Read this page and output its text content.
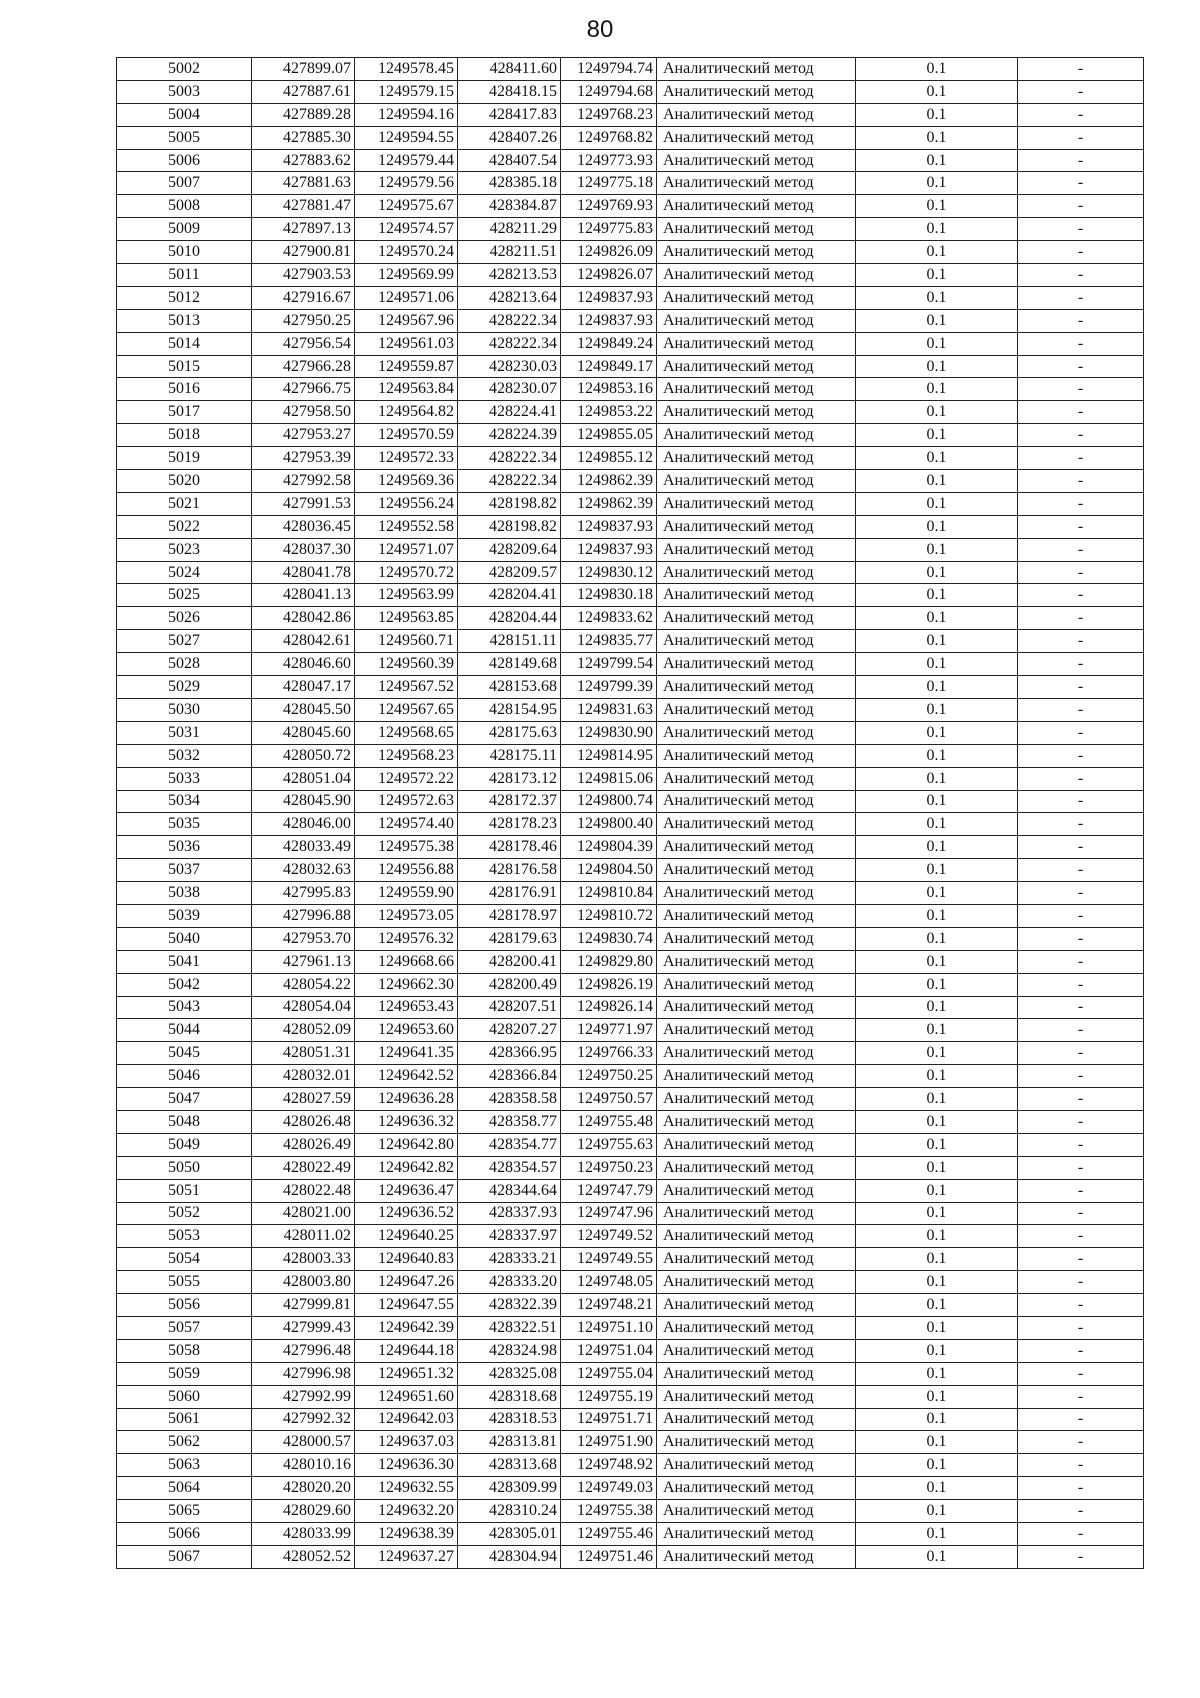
80
5002	427899.07	1249578.45	428411.60	1249794.74	Аналитический метод	0.1	-
5003	427887.61	1249579.15	428418.15	1249794.68	Аналитический метод	0.1	-
5004	427889.28	1249594.16	428417.83	1249768.23	Аналитический метод	0.1	-
5005	427885.30	1249594.55	428407.26	1249768.82	Аналитический метод	0.1	-
5006	427883.62	1249579.44	428407.54	1249773.93	Аналитический метод	0.1	-
5007	427881.63	1249579.56	428385.18	1249775.18	Аналитический метод	0.1	-
5008	427881.47	1249575.67	428384.87	1249769.93	Аналитический метод	0.1	-
5009	427897.13	1249574.57	428211.29	1249775.83	Аналитический метод	0.1	-
5010	427900.81	1249570.24	428211.51	1249826.09	Аналитический метод	0.1	-
5011	427903.53	1249569.99	428213.53	1249826.07	Аналитический метод	0.1	-
5012	427916.67	1249571.06	428213.64	1249837.93	Аналитический метод	0.1	-
5013	427950.25	1249567.96	428222.34	1249837.93	Аналитический метод	0.1	-
5014	427956.54	1249561.03	428222.34	1249849.24	Аналитический метод	0.1	-
5015	427966.28	1249559.87	428230.03	1249849.17	Аналитический метод	0.1	-
5016	427966.75	1249563.84	428230.07	1249853.16	Аналитический метод	0.1	-
5017	427958.50	1249564.82	428224.41	1249853.22	Аналитический метод	0.1	-
5018	427953.27	1249570.59	428224.39	1249855.05	Аналитический метод	0.1	-
5019	427953.39	1249572.33	428222.34	1249855.12	Аналитический метод	0.1	-
5020	427992.58	1249569.36	428222.34	1249862.39	Аналитический метод	0.1	-
5021	427991.53	1249556.24	428198.82	1249862.39	Аналитический метод	0.1	-
5022	428036.45	1249552.58	428198.82	1249837.93	Аналитический метод	0.1	-
5023	428037.30	1249571.07	428209.64	1249837.93	Аналитический метод	0.1	-
5024	428041.78	1249570.72	428209.57	1249830.12	Аналитический метод	0.1	-
5025	428041.13	1249563.99	428204.41	1249830.18	Аналитический метод	0.1	-
5026	428042.86	1249563.85	428204.44	1249833.62	Аналитический метод	0.1	-
5027	428042.61	1249560.71	428151.11	1249835.77	Аналитический метод	0.1	-
5028	428046.60	1249560.39	428149.68	1249799.54	Аналитический метод	0.1	-
5029	428047.17	1249567.52	428153.68	1249799.39	Аналитический метод	0.1	-
5030	428045.50	1249567.65	428154.95	1249831.63	Аналитический метод	0.1	-
5031	428045.60	1249568.65	428175.63	1249830.90	Аналитический метод	0.1	-
5032	428050.72	1249568.23	428175.11	1249814.95	Аналитический метод	0.1	-
5033	428051.04	1249572.22	428173.12	1249815.06	Аналитический метод	0.1	-
5034	428045.90	1249572.63	428172.37	1249800.74	Аналитический метод	0.1	-
5035	428046.00	1249574.40	428178.23	1249800.40	Аналитический метод	0.1	-
5036	428033.49	1249575.38	428178.46	1249804.39	Аналитический метод	0.1	-
5037	428032.63	1249556.88	428176.58	1249804.50	Аналитический метод	0.1	-
5038	427995.83	1249559.90	428176.91	1249810.84	Аналитический метод	0.1	-
5039	427996.88	1249573.05	428178.97	1249810.72	Аналитический метод	0.1	-
5040	427953.70	1249576.32	428179.63	1249830.74	Аналитический метод	0.1	-
5041	427961.13	1249668.66	428200.41	1249829.80	Аналитический метод	0.1	-
5042	428054.22	1249662.30	428200.49	1249826.19	Аналитический метод	0.1	-
5043	428054.04	1249653.43	428207.51	1249826.14	Аналитический метод	0.1	-
5044	428052.09	1249653.60	428207.27	1249771.97	Аналитический метод	0.1	-
5045	428051.31	1249641.35	428366.95	1249766.33	Аналитический метод	0.1	-
5046	428032.01	1249642.52	428366.84	1249750.25	Аналитический метод	0.1	-
5047	428027.59	1249636.28	428358.58	1249750.57	Аналитический метод	0.1	-
5048	428026.48	1249636.32	428358.77	1249755.48	Аналитический метод	0.1	-
5049	428026.49	1249642.80	428354.77	1249755.63	Аналитический метод	0.1	-
5050	428022.49	1249642.82	428354.57	1249750.23	Аналитический метод	0.1	-
5051	428022.48	1249636.47	428344.64	1249747.79	Аналитический метод	0.1	-
5052	428021.00	1249636.52	428337.93	1249747.96	Аналитический метод	0.1	-
5053	428011.02	1249640.25	428337.97	1249749.52	Аналитический метод	0.1	-
5054	428003.33	1249640.83	428333.21	1249749.55	Аналитический метод	0.1	-
5055	428003.80	1249647.26	428333.20	1249748.05	Аналитический метод	0.1	-
5056	427999.81	1249647.55	428322.39	1249748.21	Аналитический метод	0.1	-
5057	427999.43	1249642.39	428322.51	1249751.10	Аналитический метод	0.1	-
5058	427996.48	1249644.18	428324.98	1249751.04	Аналитический метод	0.1	-
5059	427996.98	1249651.32	428325.08	1249755.04	Аналитический метод	0.1	-
5060	427992.99	1249651.60	428318.68	1249755.19	Аналитический метод	0.1	-
5061	427992.32	1249642.03	428318.53	1249751.71	Аналитический метод	0.1	-
5062	428000.57	1249637.03	428313.81	1249751.90	Аналитический метод	0.1	-
5063	428010.16	1249636.30	428313.68	1249748.92	Аналитический метод	0.1	-
5064	428020.20	1249632.55	428309.99	1249749.03	Аналитический метод	0.1	-
5065	428029.60	1249632.20	428310.24	1249755.38	Аналитический метод	0.1	-
5066	428033.99	1249638.39	428305.01	1249755.46	Аналитический метод	0.1	-
5067	428052.52	1249637.27	428304.94	1249751.46	Аналитический метод	0.1	-
